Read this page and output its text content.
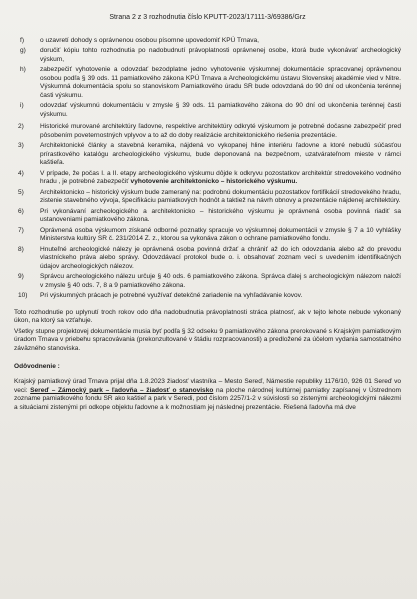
Strana 2 z 3 rozhodnutia číslo KPUTT-2023/17111-3/69386/Grz
f)	o uzavretí dohody s oprávnenou osobou písomne upovedomiť KPÚ Trnava,
g)	doručiť kópiu tohto rozhodnutia po nadobudnutí právoplatnosti oprávnenej osobe, ktorá bude vykonávať archeologický výskum,
h)	zabezpečiť vyhotovenie a odovzdať bezodplatne jedno vyhotovenie výskumnej dokumentácie spracovanej oprávnenou osobou podľa § 39 ods. 11 pamiatkového zákona KPÚ Trnava a Archeologickému ústavu Slovenskej akadémie vied v Nitre. Výskumná dokumentácia spolu so stanoviskom Pamiatkového úradu SR bude odovzdaná do 90 dní od ukončenia terénnej časti výskumu.
i)	odovzdať výskumnú dokumentáciu v zmysle § 39 ods. 11 pamiatkového zákona do 90 dní od ukončenia terénnej časti výskumu.
2)	Historické murované architektúry ľadovne, respektíve architektúry odkryté výskumom je potrebné dočasne zabezpečiť pred pôsobením poveternostných vplyvov a to až do doby realizácie architektonického riešenia prezentácie.
3)	Architektonické články a stavebná keramika, nájdená vo vykopanej hline interiéru ľadovne a ktoré nebudú súčasťou prírastkového katalógu archeologického výskumu, bude deponovaná na bezpečnom, uzatvárateľnom mieste v rámci kaštieľa.
4)	V prípade, že počas I. a II. etapy archeologického výskumu dôjde k odkryvu pozostatkov architektúr stredovekého vodného hradu , je potrebné zabezpečiť vyhotovenie architektonicko – historického výskumu.
5)	Architektonicko – historický výskum bude zameraný na: podrobnú dokumentáciu pozostatkov fortifikácií stredovekého hradu, zistenie stavebného vývoja, špecifikáciu pamiatkových hodnôt a taktiež na návrh obnovy a prezentácie nájdenej architektúry.
6)	Pri vykonávaní archeologického a architektonicko – historického výskumu je oprávnená osoba povinná riadiť sa ustanoveniami pamiatkového zákona.
7)	Oprávnená osoba výskumom získané odborné poznatky spracuje vo výskumnej dokumentácii v zmysle § 7 a 10 vyhlášky Ministerstva kultúry SR č. 231/2014 Z. z., ktorou sa vykonáva zákon o ochrane pamiatkového fondu.
8)	Hnuteľné archeologické nálezy je oprávnená osoba povinná držať a chrániť až do ich odovzdania alebo až do prevodu vlastníckeho práva alebo správy. Odovzdávací protokol bude o. i. obsahovať zoznam vecí s uvedením identifikačných údajov archeologických nálezov.
9)	Správcu archeologického nálezu určuje § 40 ods. 6 pamiatkového zákona. Správca ďalej s archeologickým nálezom naloží v zmysle § 40 ods. 7, 8 a 9 pamiatkového zákona.
10)	Pri výskumných prácach je potrebné využívať detekčné zariadenie na vyhľadávanie kovov.

Toto rozhodnutie po uplynutí troch rokov odo dňa nadobudnutia právoplatnosti stráca platnosť, ak v tejto lehote nebude vykonaný úkon, na ktorý sa vzťahuje.

Všetky stupne projektovej dokumentácie musia byť podľa § 32 odseku 9 pamiatkového zákona prerokované s Krajským pamiatkovým úradom Trnava v priebehu spracovávania (prekonzultované v štádiu rozpracovanosti) a predložené za účelom vydania samostatného záväzného stanoviska.

Odôvodnenie :

Krajský pamiatkový úrad Trnava prijal dňa 1.8.2023 žiadosť vlastníka – Mesto Sereď, Námestie republiky 1176/10, 926 01 Sereď vo veci: Sereď – Zámocký park – ľadovňa – žiadosť o stanovisko na ploche národnej kultúrnej pamiatky zapísanej v Ústrednom zozname pamiatkového fondu SR ako kaštieľ a park v Seredi, pod číslom 2257/1-2 v súvislosti so zistenými archeologickými nálezmi a situáciami zistenými pri odkope objektu ľadovne a k možnostiam jej následnej prezentácie. Riešená ľadovňa má dve
